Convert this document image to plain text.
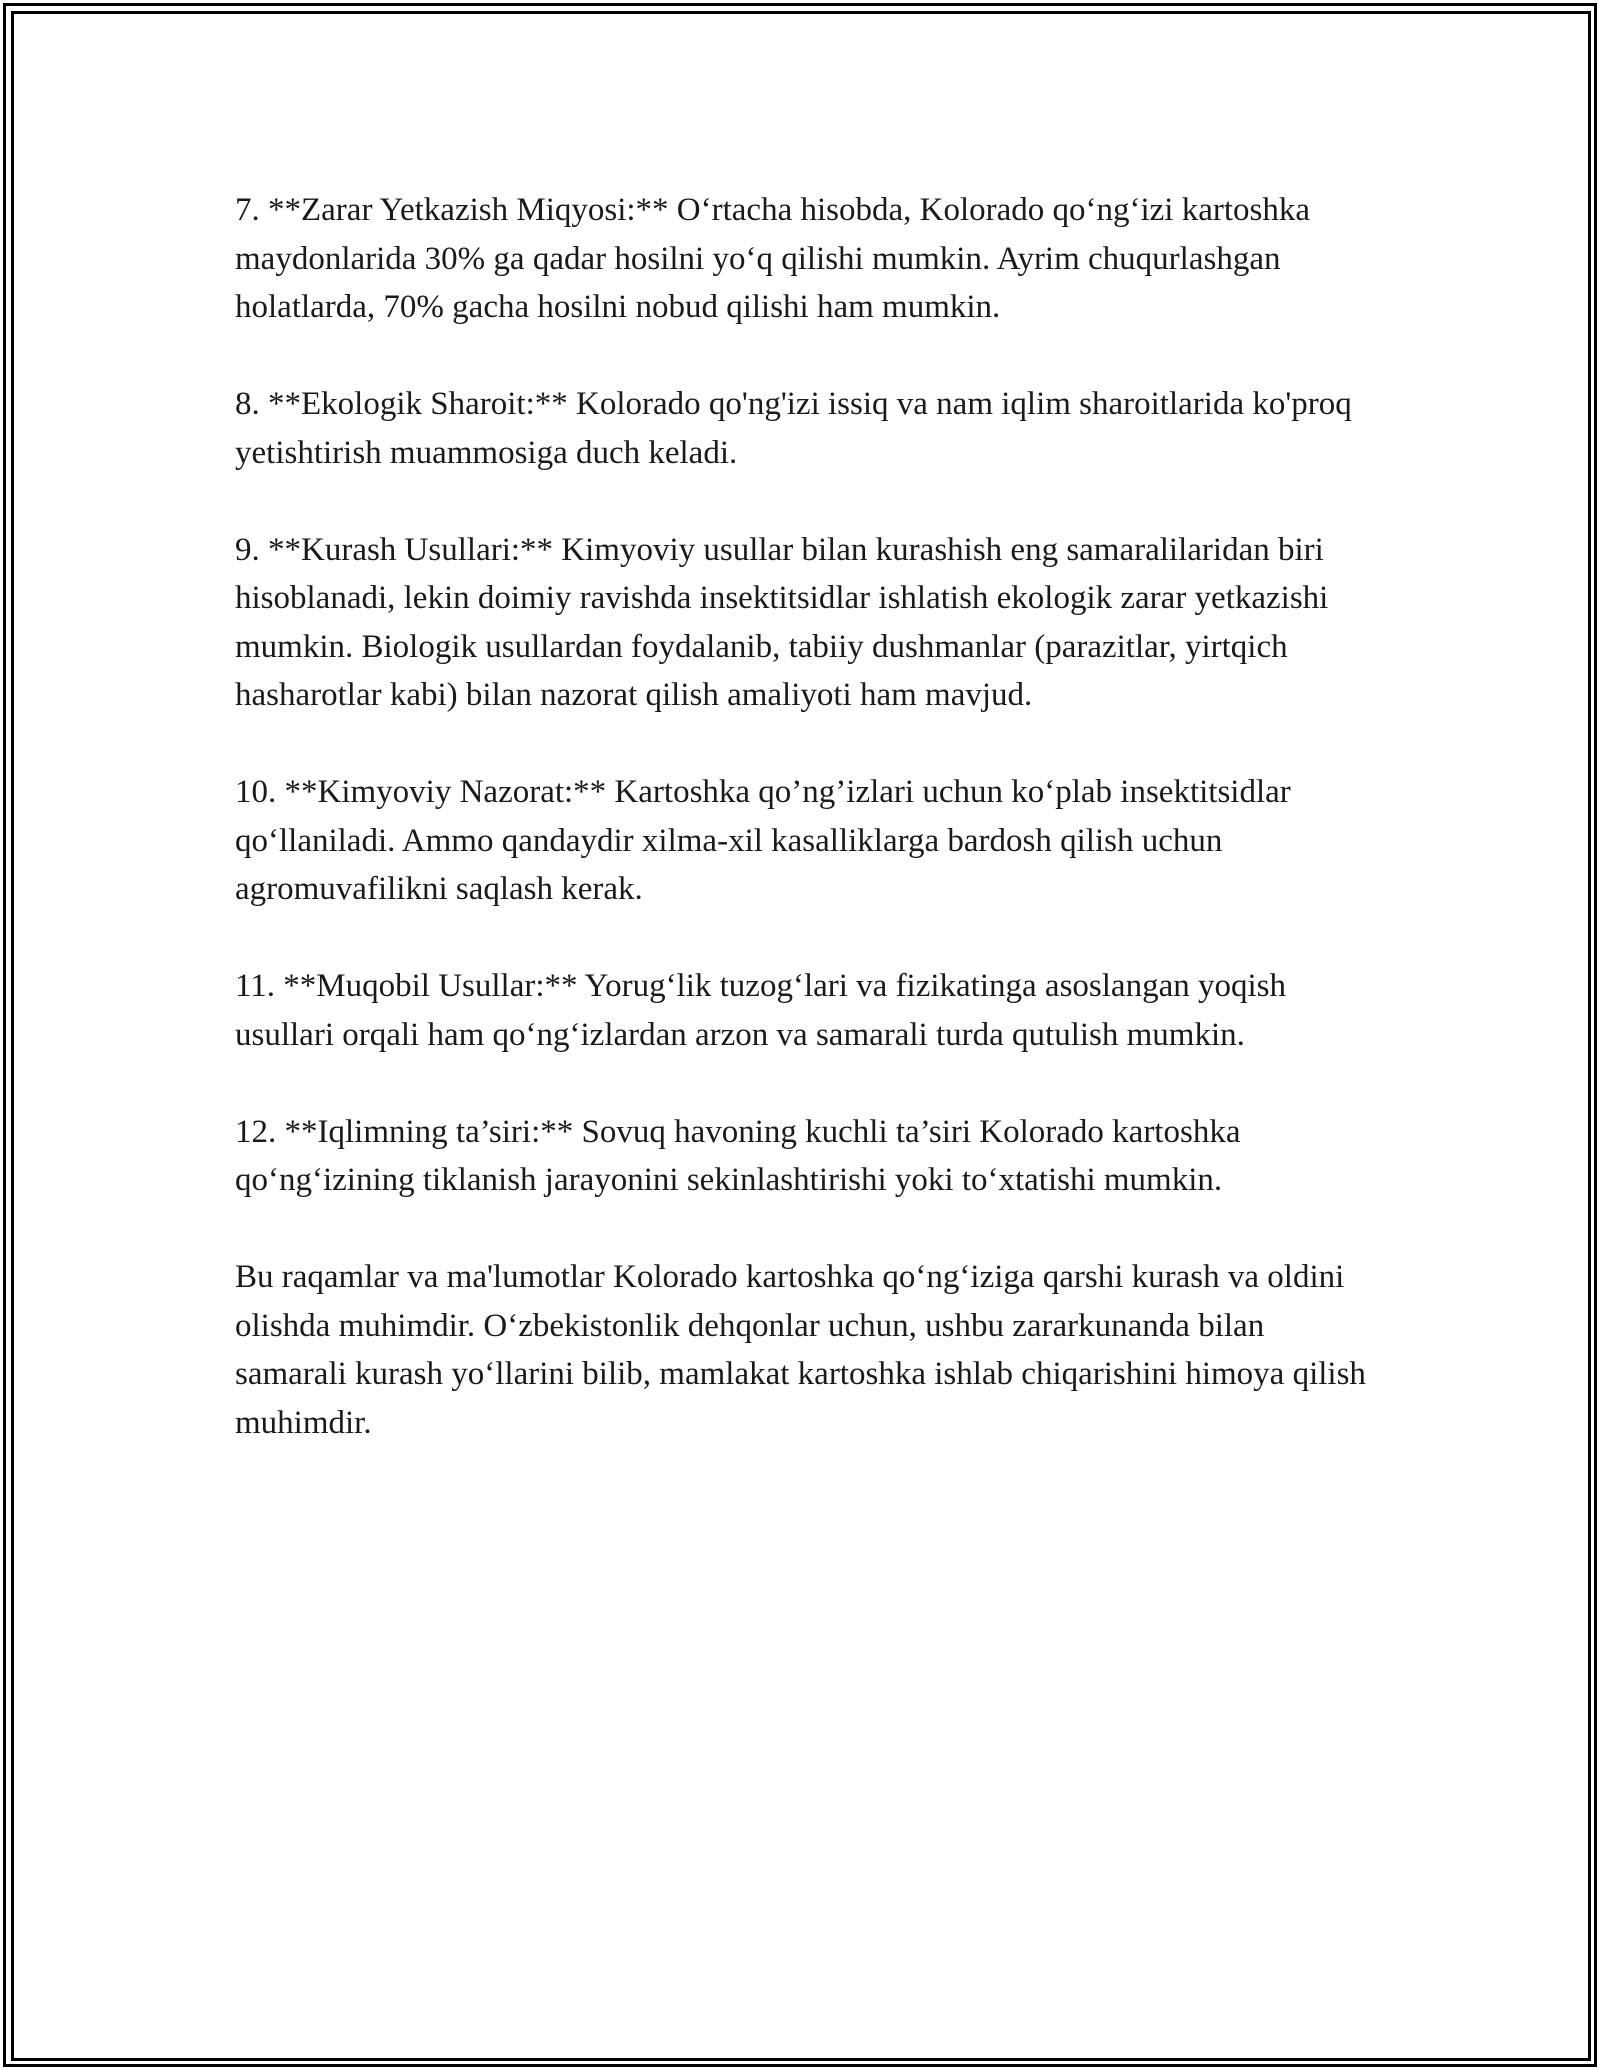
7. **Zarar Yetkazish Miqyosi:** O‘rtacha hisobda, Kolorado qo‘ng‘izi kartoshka maydonlarida 30% ga qadar hosilni yo‘q qilishi mumkin. Ayrim chuqurlashgan holatlarda, 70% gacha hosilni nobud qilishi ham mumkin.

8. **Ekologik Sharoit:** Kolorado qo'ng'izi issiq va nam iqlim sharoitlarida ko'proq yetishtirish muammosiga duch keladi.

9. **Kurash Usullari:** Kimyoviy usullar bilan kurashish eng samaralilaridan biri hisoblanadi, lekin doimiy ravishda insektitsidlar ishlatish ekologik zarar yetkazishi mumkin. Biologik usullardan foydalanib, tabiiy dushmanlar (parazitlar, yirtqich hasharotlar kabi) bilan nazorat qilish amaliyoti ham mavjud.

10. **Kimyoviy Nazorat:** Kartoshka qo’ng’izlari uchun ko‘plab insektitsidlar qo‘llaniladi. Ammo qandaydir xilma-xil kasalliklarga bardosh qilish uchun agromuvafilikni saqlash kerak.

11. **Muqobil Usullar:** Yorug‘lik tuzog‘lari va fizikatinga asoslangan yoqish usullari orqali ham qo‘ng‘izlardan arzon va samarali turda qutulish mumkin.

12. **Iqlimning ta’siri:** Sovuq havoning kuchli ta’siri Kolorado kartoshka qo‘ng‘izining tiklanish jarayonini sekinlashtirishi yoki to‘xtatishi mumkin.

Bu raqamlar va ma'lumotlar Kolorado kartoshka qo‘ng‘iziga qarshi kurash va oldini olishda muhimdir. O‘zbekistonlik dehqonlar uchun, ushbu zararkunanda bilan samarali kurash yo‘llarini bilib, mamlakat kartoshka ishlab chiqarishini himoya qilish muhimdir.
